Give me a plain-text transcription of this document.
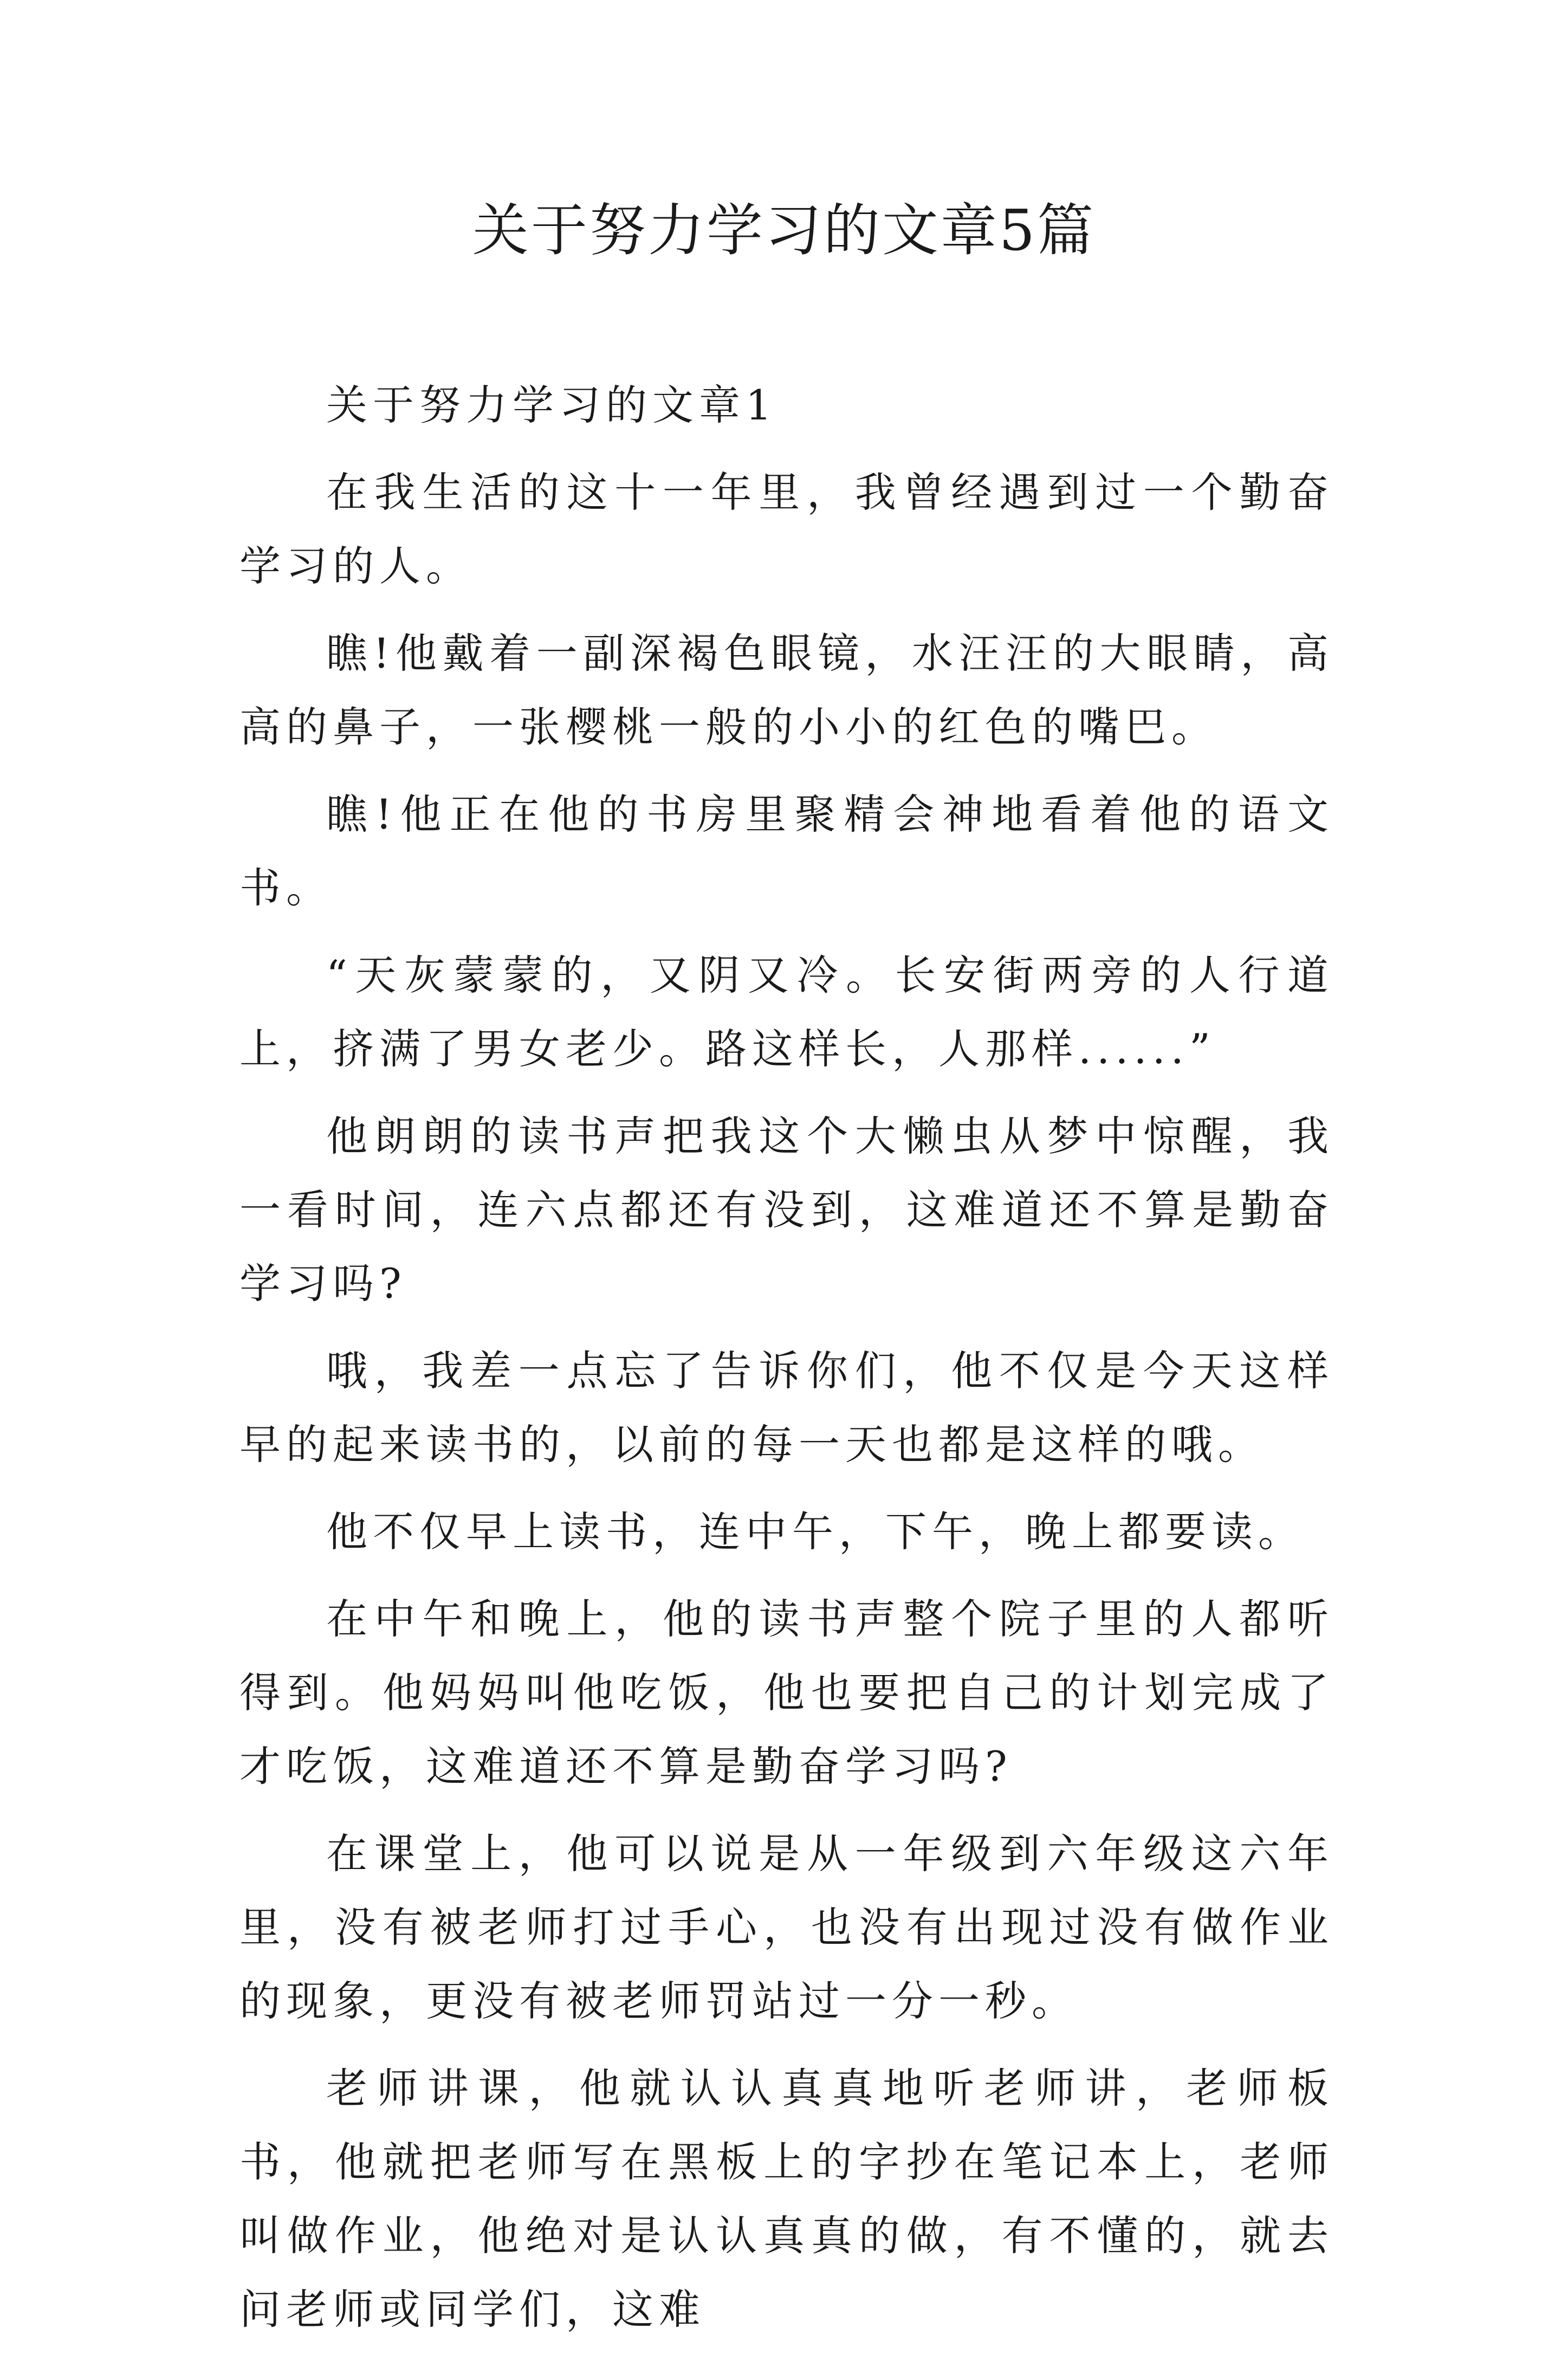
关于努力学习的文章5篇

关于努力学习的文章1

在我生活的这十一年里，我曾经遇到过一个勤奋学习的人。

瞧!他戴着一副深褐色眼镜，水汪汪的大眼睛，高高的鼻子，一张樱桃一般的小小的红色的嘴巴。

瞧!他正在他的书房里聚精会神地看着他的语文书。

“天灰蒙蒙的，又阴又冷。长安街两旁的人行道上，挤满了男女老少。路这样长，人那样......”

他朗朗的读书声把我这个大懒虫从梦中惊醒，我一看时间，连六点都还有没到，这难道还不算是勤奋学习吗?

哦，我差一点忘了告诉你们，他不仅是今天这样早的起来读书的，以前的每一天也都是这样的哦。

他不仅早上读书，连中午，下午，晚上都要读。

在中午和晚上，他的读书声整个院子里的人都听得到。他妈妈叫他吃饭，他也要把自己的计划完成了才吃饭，这难道还不算是勤奋学习吗?

在课堂上，他可以说是从一年级到六年级这六年里，没有被老师打过手心，也没有出现过没有做作业的现象，更没有被老师罚站过一分一秒。

老师讲课，他就认认真真地听老师讲，老师板书，他就把老师写在黑板上的字抄在笔记本上，老师叫做作业，他绝对是认认真真的做，有不懂的，就去问老师或同学们，这难
